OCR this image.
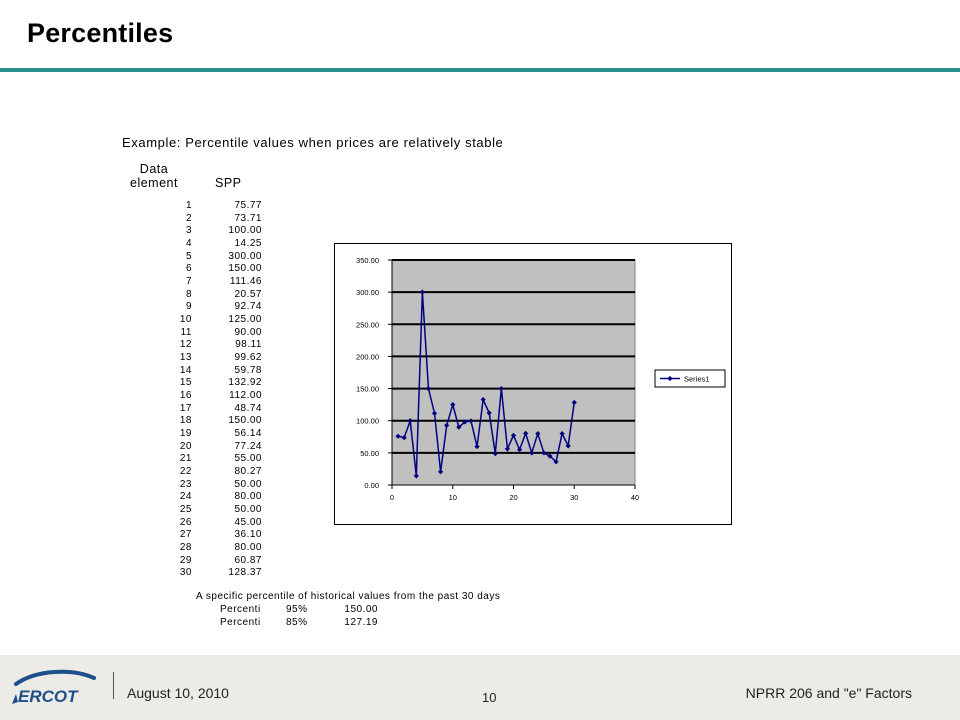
Percentiles
Example: Percentile values when prices are relatively stable
Data element	SPP
1	75.77
2	73.71
3	100.00
4	14.25
5	300.00
6	150.00
7	111.46
8	20.57
9	92.74
10	125.00
11	90.00
12	98.11
13	99.62
14	59.78
15	132.92
16	112.00
17	48.74
18	150.00
19	56.14
20	77.24
21	55.00
22	80.27
23	50.00
24	80.00
25	50.00
26	45.00
27	36.10
28	80.00
29	60.87
30	128.37
A specific percentile of historical values from the past 30 days
Percenti	95%	150.00
Percenti	85%	127.19
0.00
50.00
100.00
150.00
200.00
250.00
300.00
350.00
0	10	20	30	40
Series1
ERCOT	August 10, 2010	10	NPRR 206 and "e" Factors
